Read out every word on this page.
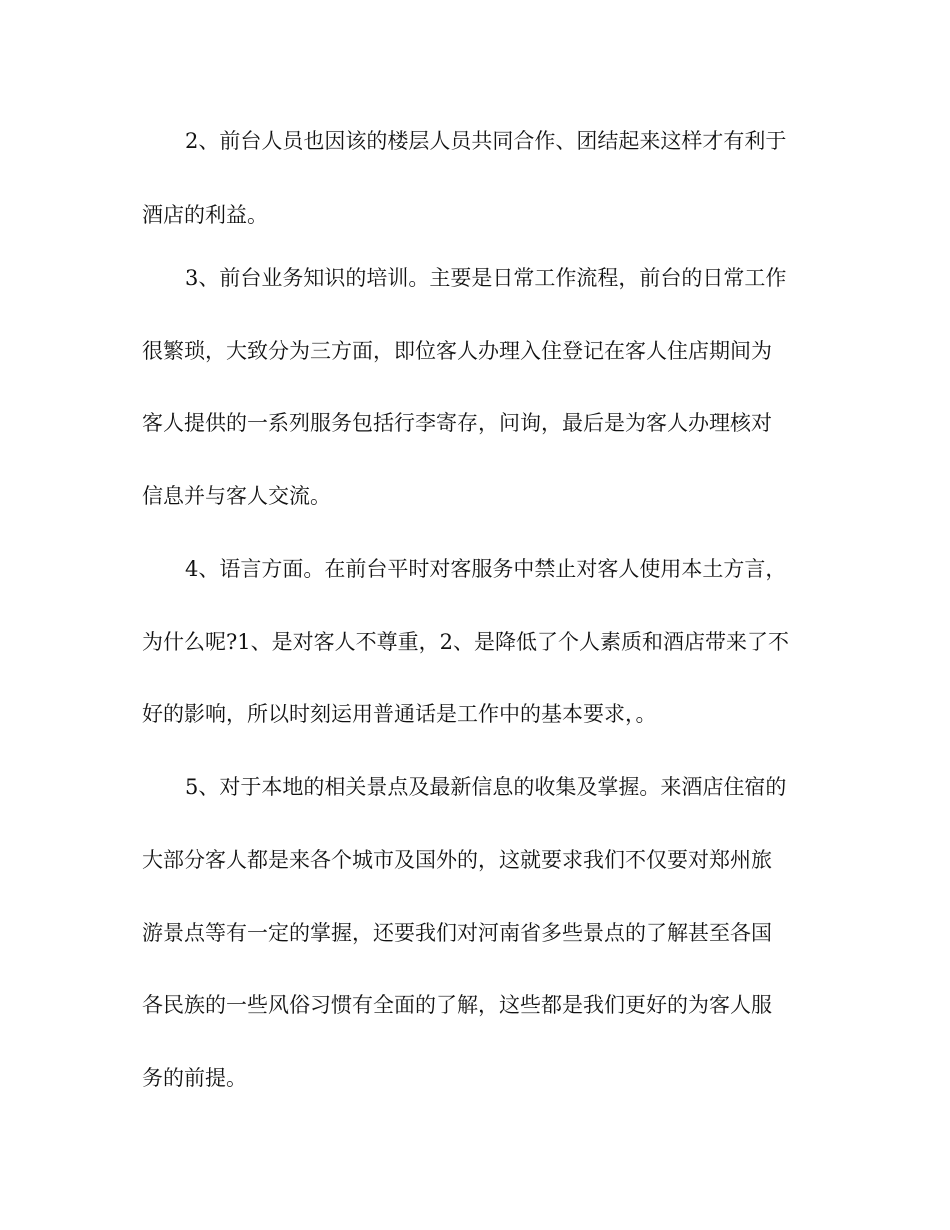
2、前台人员也因该的楼层人员共同合作、团结起来这样才有利于
酒店的利益。
3、前台业务知识的培训。主要是日常工作流程，前台的日常工作
很繁琐，大致分为三方面，即位客人办理入住登记在客人住店期间为
客人提供的一系列服务包括行李寄存，问询，最后是为客人办理核对
信息并与客人交流。
4、语言方面。在前台平时对客服务中禁止对客人使用本土方言，
为什么呢?1、是对客人不尊重，2、是降低了个人素质和酒店带来了不
好的影响，所以时刻运用普通话是工作中的基本要求，。
5、对于本地的相关景点及最新信息的收集及掌握。来酒店住宿的
大部分客人都是来各个城市及国外的，这就要求我们不仅要对郑州旅
游景点等有一定的掌握，还要我们对河南省多些景点的了解甚至各国
各民族的一些风俗习惯有全面的了解，这些都是我们更好的为客人服
务的前提。
